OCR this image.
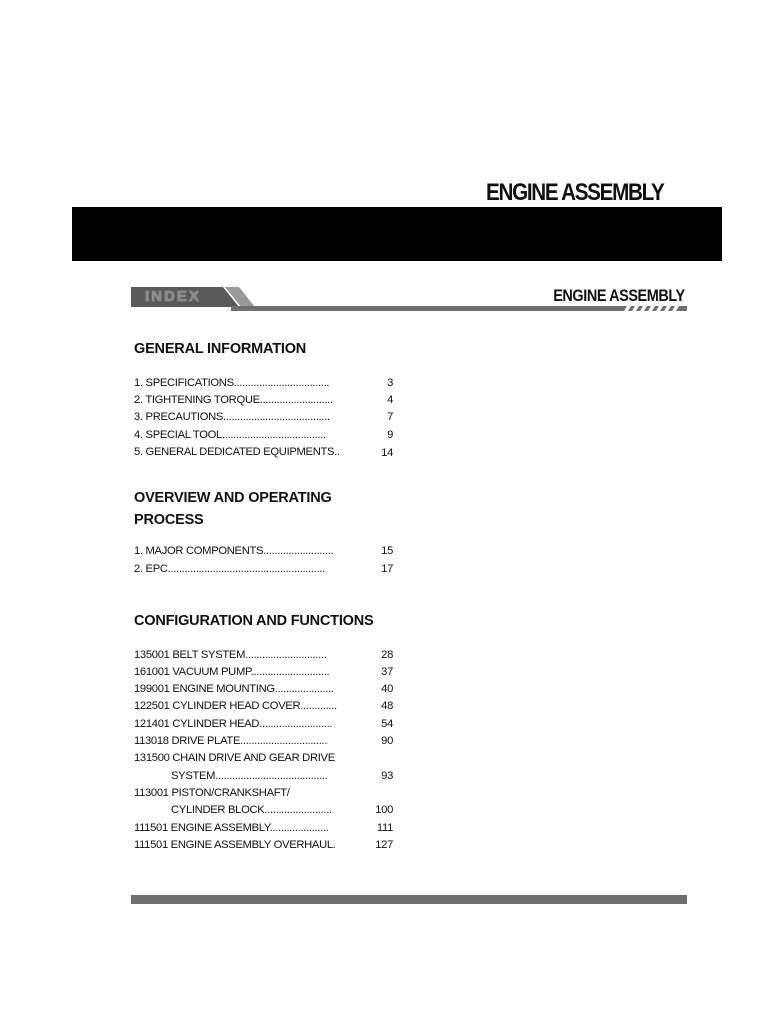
ENGINE ASSEMBLY
INDEX	ENGINE ASSEMBLY
GENERAL INFORMATION
1. SPECIFICATIONS..................................	3
2. TIGHTENING TORQUE..........................	4
3. PRECAUTIONS......................................	7
4. SPECIAL TOOL.....................................	9
5. GENERAL DEDICATED EQUIPMENTS..	14
OVERVIEW AND OPERATING
PROCESS
1. MAJOR COMPONENTS.........................	15
2. EPC........................................................	17
CONFIGURATION AND FUNCTIONS
135001 BELT SYSTEM.............................	28
161001 VACUUM PUMP............................	37
199001 ENGINE MOUNTING.....................	40
122501 CYLINDER HEAD COVER.............	48
121401 CYLINDER HEAD..........................	54
113018 DRIVE PLATE...............................	90
131500 CHAIN DRIVE AND GEAR DRIVE
SYSTEM........................................	93
113001 PISTON/CRANKSHAFT/
CYLINDER BLOCK........................	100
111501 ENGINE ASSEMBLY.....................	111
111501 ENGINE ASSEMBLY OVERHAUL.	127
